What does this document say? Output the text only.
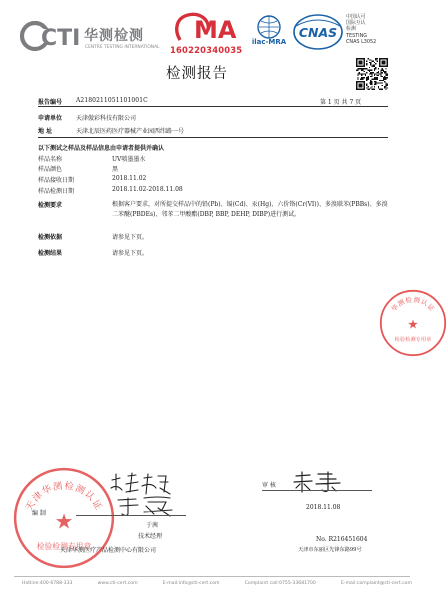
CTI 华测检测
CENTRE TESTING INTERNATIONAL
MA
160220340035
ilac-MRA
CNAS
中国认可
国际互认
检测
TESTING
CNAS L3052
检测报告
报告编号 A2180211051101001C	第 1 页 共 7 页
申请单位 天津傲彩科技有限公司
地 址	天津北辰医药医疗器械产业园西纬路一号
以下测试之样品及样品信息由申请者提供并确认
样品名称	UV喷墨墨水
样品颜色	黑
样品接收日期	2018.11.02
样品检测日期	2018.11.02-2018.11.08
检测要求	根据客户要求，对所提交样品中的铅(Pb)、镉(Cd)、汞(Hg)、六价铬(Cr(VI))、多溴联苯(PBBs)、多溴二苯醚(PBDEs)、邻苯二甲酸酯(DBP, BBP, DEHP, DIBP)进行测试。
检测依据	请参见下页。
检测结果	请参见下页。
华测检测认证
★
检验检测专用章
天津华测检测认证
★
检验检测专用章
审 核
编 制
2018.11.08
于茜
技术经理
天津华测医疗产品检测中心有限公司
No. R216451604
天津市东丽区先锋东路99号
Hotline:400-6788-333	www.cti-cert.com	E-mail:info@cti-cert.com	Complaint call:0755-33681700	E-mail:complaint@cti-cert.com
